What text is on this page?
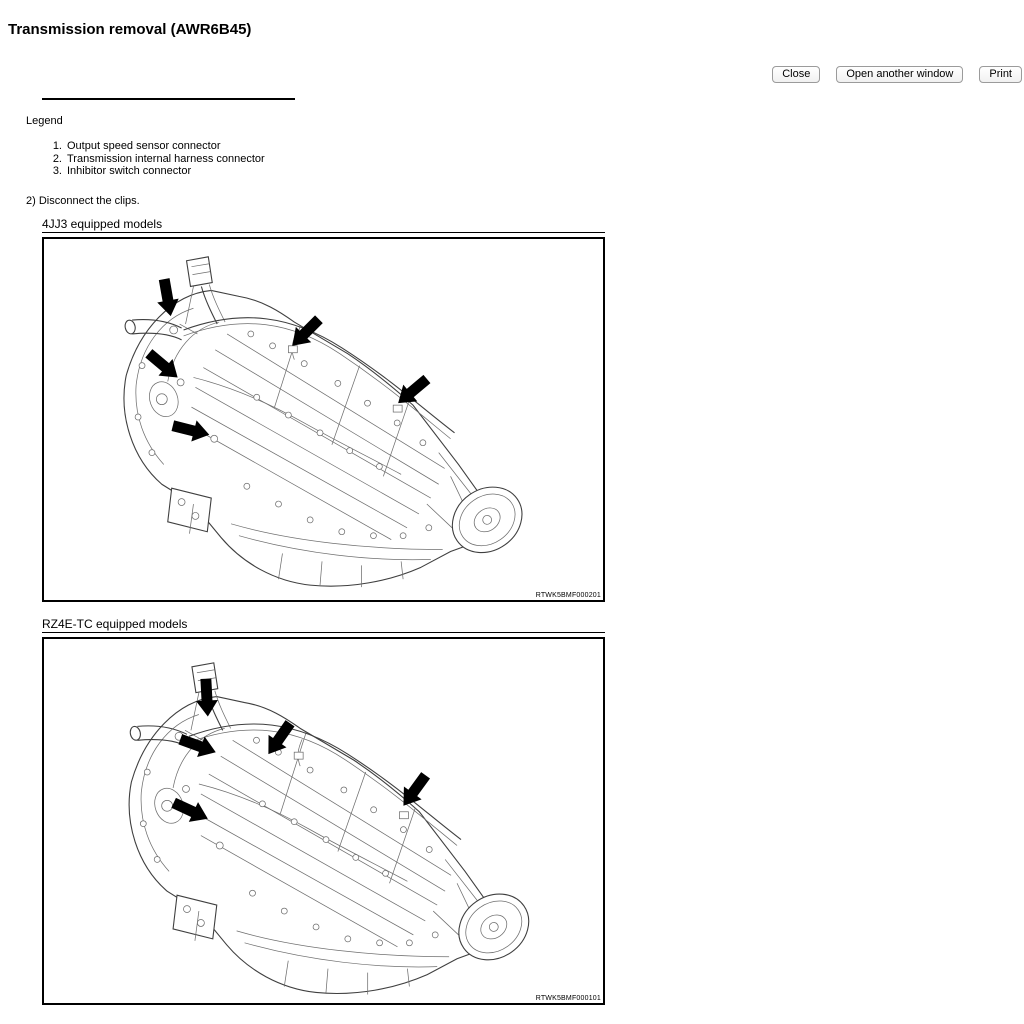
Transmission removal (AWR6B45)
Close	Open another window	Print
Legend
1. Output speed sensor connector
2. Transmission internal harness connector
3. Inhibitor switch connector

2) Disconnect the clips.

4JJ3 equipped models
RTWK5BMF000201
RZ4E-TC equipped models
RTWK5BMF000101
